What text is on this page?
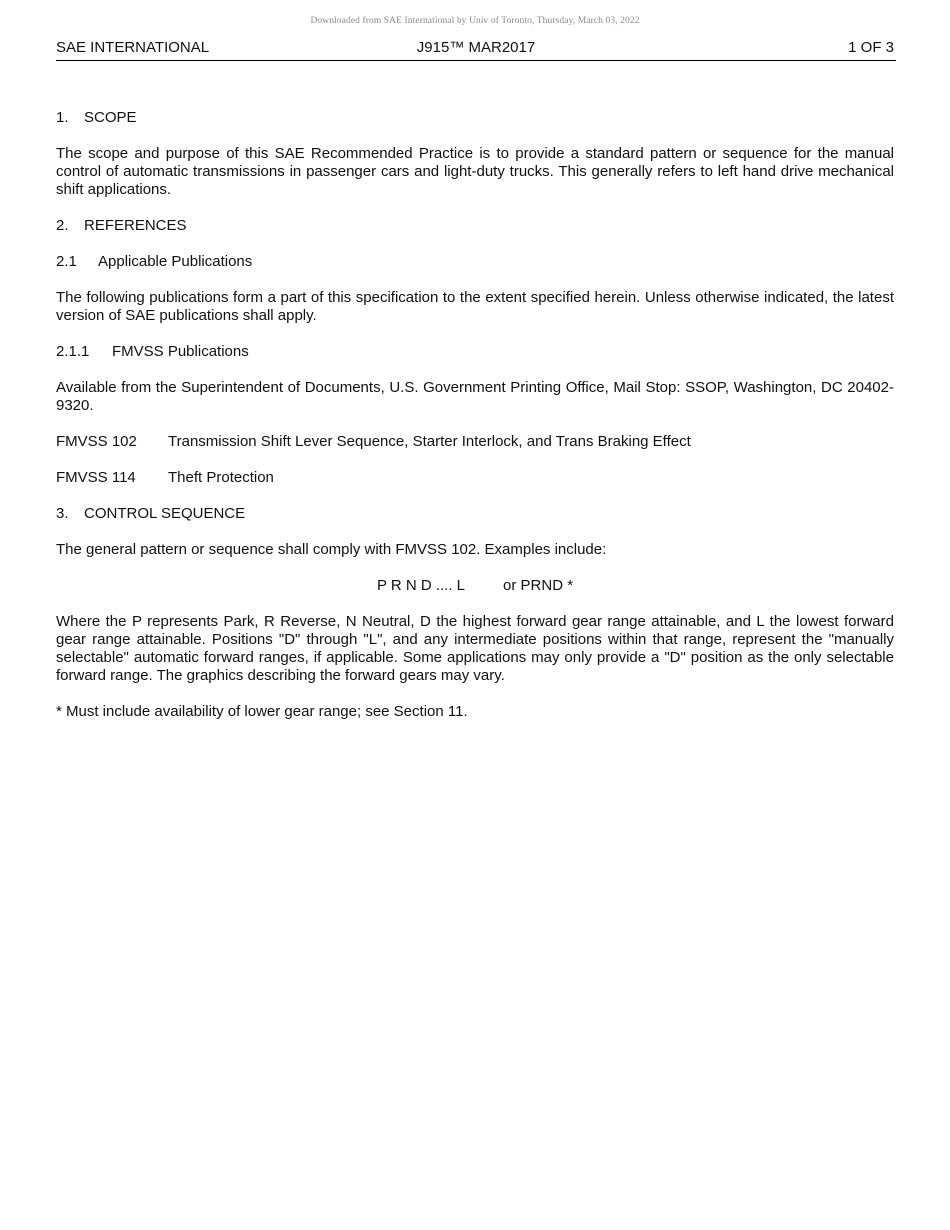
Downloaded from SAE International by Univ of Toronto, Thursday, March 03, 2022
SAE INTERNATIONAL	J915™ MAR2017	1 OF 3
1. SCOPE

The scope and purpose of this SAE Recommended Practice is to provide a standard pattern or sequence for the manual control of automatic transmissions in passenger cars and light-duty trucks. This generally refers to left hand drive mechanical shift applications.

2. REFERENCES
2.1 Applicable Publications

The following publications form a part of this specification to the extent specified herein. Unless otherwise indicated, the latest version of SAE publications shall apply.

2.1.1 FMVSS Publications

Available from the Superintendent of Documents, U.S. Government Printing Office, Mail Stop: SSOP, Washington, DC 20402-9320.

FMVSS 102 Transmission Shift Lever Sequence, Starter Interlock, and Trans Braking Effect
FMVSS 114 Theft Protection
3. CONTROL SEQUENCE

The general pattern or sequence shall comply with FMVSS 102. Examples include:

P R N D .... L	or PRND *

Where the P represents Park, R Reverse, N Neutral, D the highest forward gear range attainable, and L the lowest forward gear range attainable. Positions "D" through "L", and any intermediate positions within that range, represent the "manually selectable" automatic forward ranges, if applicable. Some applications may only provide a "D" position as the only selectable forward range. The graphics describing the forward gears may vary.

* Must include availability of lower gear range; see Section 11.
